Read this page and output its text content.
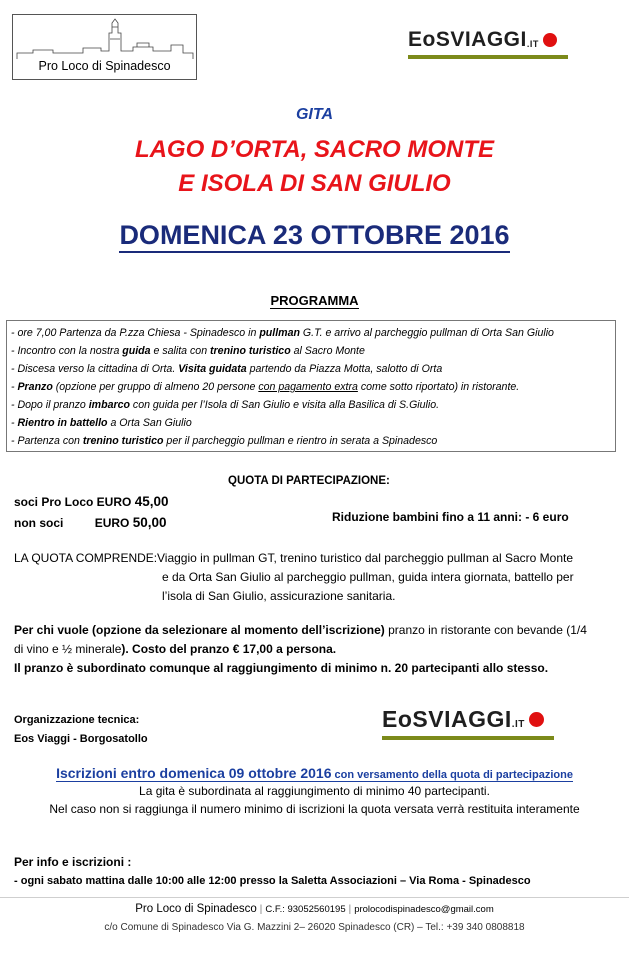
Pro Loco di Spinadesco
EoSVIAGGI .IT
GITA
LAGO D’ORTA, SACRO MONTE
E ISOLA DI SAN GIULIO
DOMENICA 23 OTTOBRE 2016
PROGRAMMA
- ore 7,00 Partenza da P.zza Chiesa - Spinadesco in pullman G.T. e arrivo al parcheggio pullman di Orta San Giulio
- Incontro con la nostra guida e salita con trenino turistico al Sacro Monte
- Discesa verso la cittadina di Orta. Visita guidata partendo da Piazza Motta, salotto di Orta
- Pranzo (opzione per gruppo di almeno 20 persone con pagamento extra come sotto riportato) in ristorante.
- Dopo il pranzo imbarco con guida per l’Isola di San Giulio e visita alla Basilica di S.Giulio.
- Rientro in battello a Orta San Giulio
- Partenza con trenino turistico per il parcheggio pullman e rientro in serata a Spinadesco
QUOTA DI PARTECIPAZIONE:
soci Pro Loco EURO 45,00
non soci	EURO 50,00	Riduzione bambini fino a 11 anni: - 6 euro
LA QUOTA COMPRENDE: Viaggio in pullman GT, trenino turistico dal parcheggio pullman al Sacro Monte
e da Orta San Giulio al parcheggio pullman, guida intera giornata, battello per
l’isola di San Giulio, assicurazione sanitaria.
Per chi vuole (opzione da selezionare al momento dell’iscrizione) pranzo in ristorante con bevande (1/4
di vino e ½ minerale). Costo del pranzo € 17,00 a persona.
Il pranzo è subordinato comunque al raggiungimento di minimo n. 20 partecipanti allo stesso.
Organizzazione tecnica:
Eos Viaggi - Borgosatollo
EoSVIAGGI .IT
Iscrizioni entro domenica 09 ottobre 2016 con versamento della quota di partecipazione
La gita è subordinata al raggiungimento di minimo 40 partecipanti.
Nel caso non si raggiunga il numero minimo di iscrizioni la quota versata verrà restituita interamente
Per info e iscrizioni :
- ogni sabato mattina dalle 10:00 alle 12:00 presso la Saletta Associazioni – Via Roma - Spinadesco
Pro Loco di Spinadesco | C.F.: 93052560195 | prolocodispinadesco@gmail.com
c/o Comune di Spinadesco Via G. Mazzini 2– 26020 Spinadesco (CR) – Tel.: +39 340 0808818
